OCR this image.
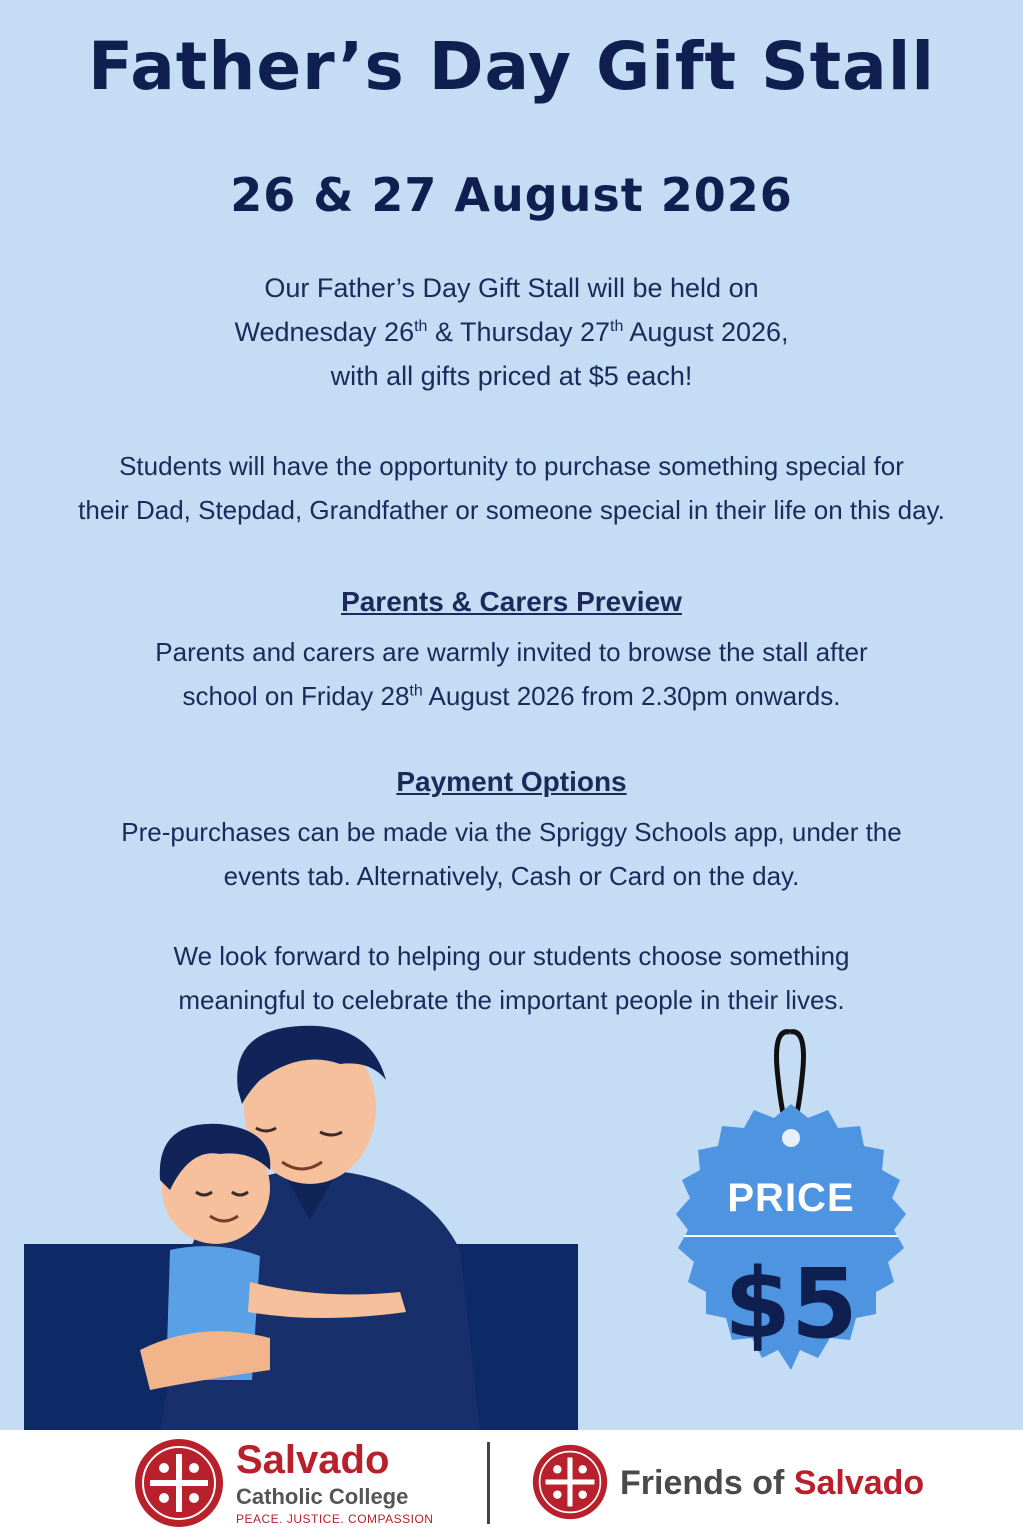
Father’s Day Gift Stall
26 & 27 August 2026
Our Father’s Day Gift Stall will be held on
Wednesday 26th & Thursday 27th August 2026,
with all gifts priced at $5 each!
Students will have the opportunity to purchase something special for
their Dad, Stepdad, Grandfather or someone special in their life on this day.
Parents & Carers Preview
Parents and carers are warmly invited to browse the stall after
school on Friday 28th August 2026 from 2.30pm onwards.
Payment Options
Pre-purchases can be made via the Spriggy Schools app, under the
events tab. Alternatively, Cash or Card on the day.
We look forward to helping our students choose something
meaningful to celebrate the important people in their lives.
PRICE
$5
Salvado
Catholic College
PEACE. JUSTICE. COMPASSION
Friends of Salvado
